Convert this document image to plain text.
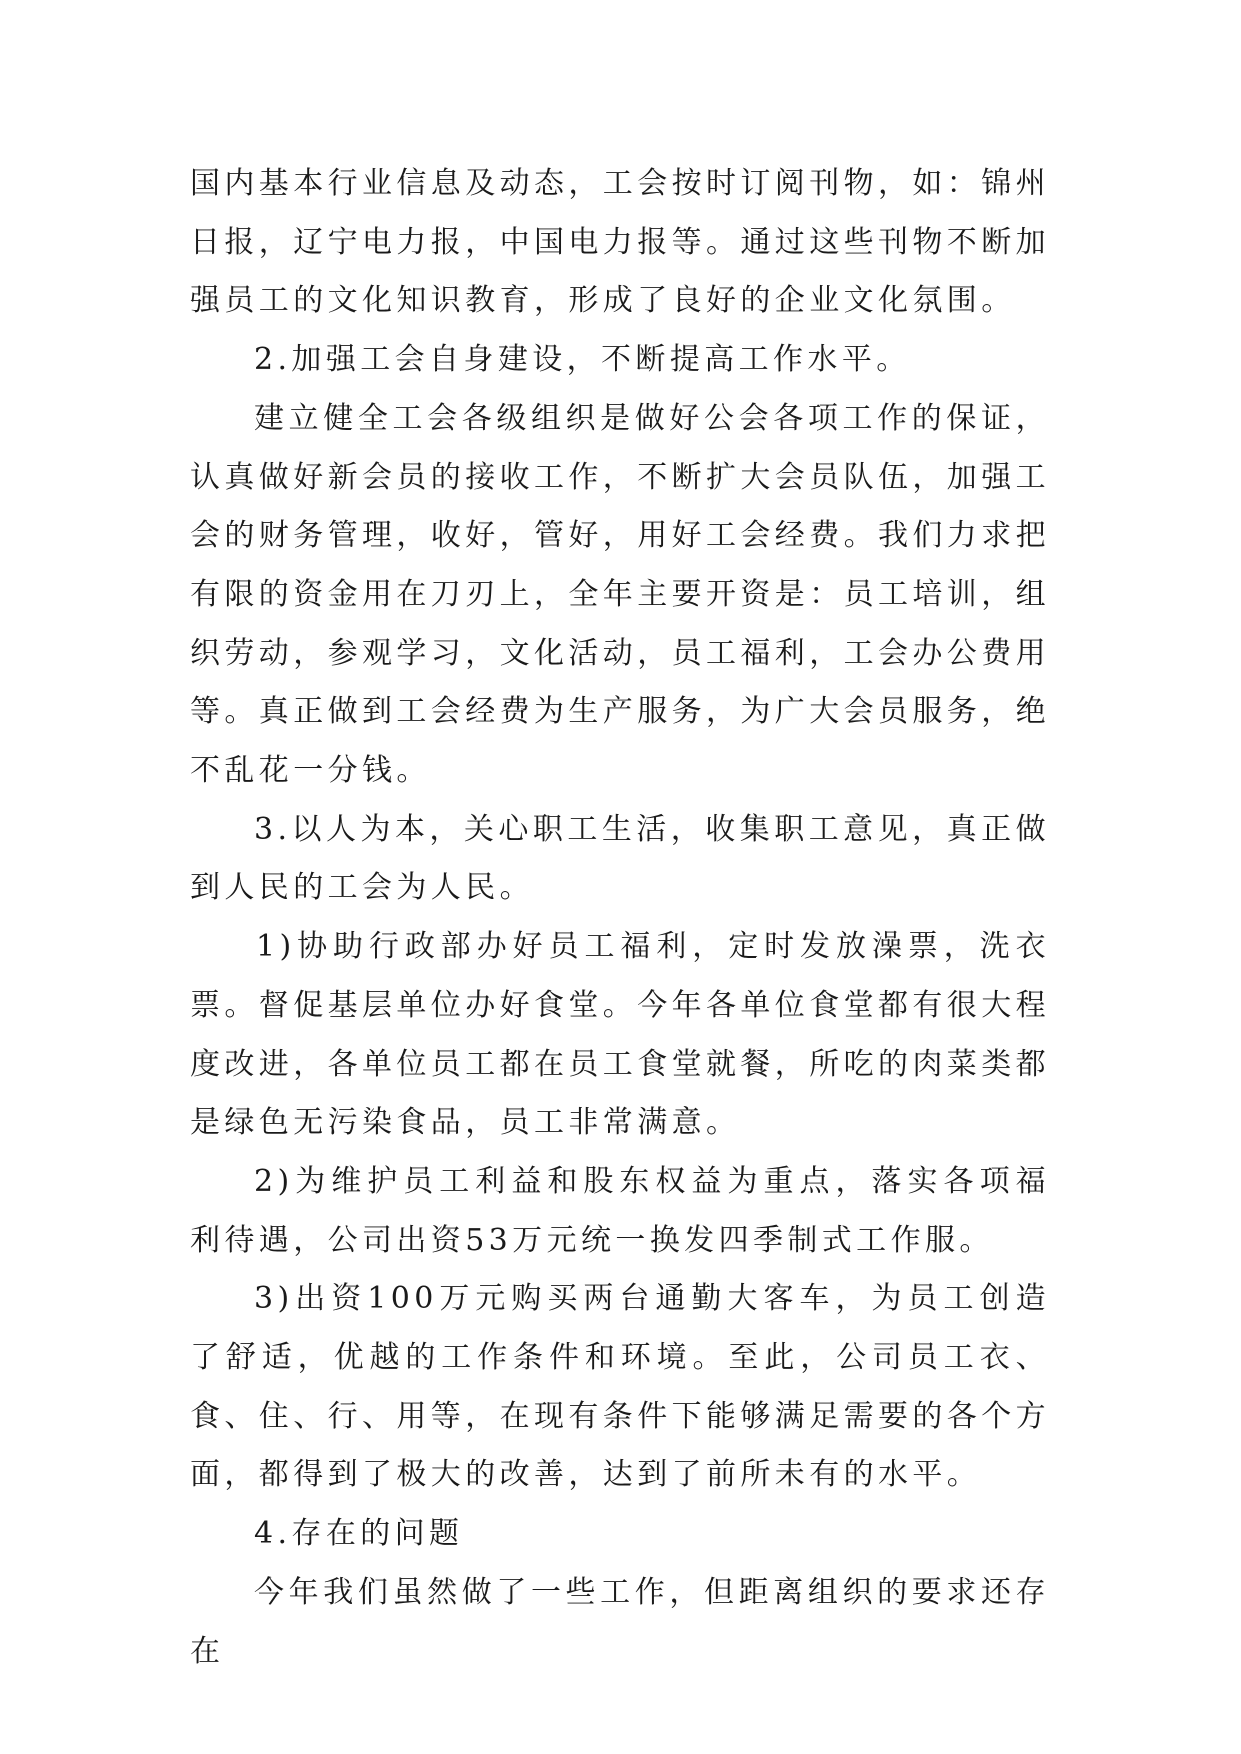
国内基本行业信息及动态，工会按时订阅刊物，如：锦州日报，辽宁电力报，中国电力报等。通过这些刊物不断加强员工的文化知识教育，形成了良好的企业文化氛围。

2.加强工会自身建设，不断提高工作水平。

建立健全工会各级组织是做好公会各项工作的保证，认真做好新会员的接收工作，不断扩大会员队伍，加强工会的财务管理，收好，管好，用好工会经费。我们力求把有限的资金用在刀刃上，全年主要开资是：员工培训，组织劳动，参观学习，文化活动，员工福利，工会办公费用等。真正做到工会经费为生产服务，为广大会员服务，绝不乱花一分钱。

3.以人为本，关心职工生活，收集职工意见，真正做到人民的工会为人民。

1)协助行政部办好员工福利，定时发放澡票，洗衣票。督促基层单位办好食堂。今年各单位食堂都有很大程度改进，各单位员工都在员工食堂就餐，所吃的肉菜类都是绿色无污染食品，员工非常满意。

2)为维护员工利益和股东权益为重点，落实各项福利待遇，公司出资53万元统一换发四季制式工作服。

3)出资100万元购买两台通勤大客车，为员工创造了舒适，优越的工作条件和环境。至此，公司员工衣、食、住、行、用等，在现有条件下能够满足需要的各个方面，都得到了极大的改善，达到了前所未有的水平。

4.存在的问题

今年我们虽然做了一些工作，但距离组织的要求还存在
